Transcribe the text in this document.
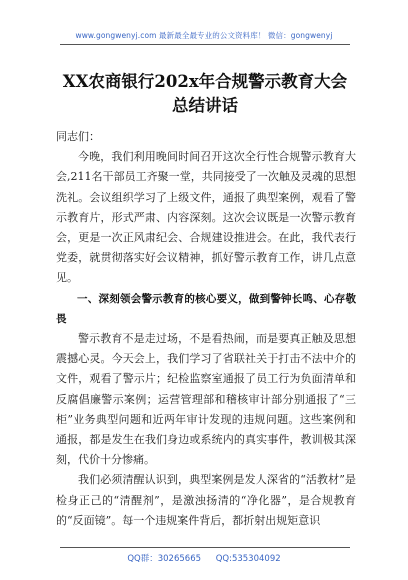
www.gongwenyj.com 最新最全最专业的公文资料库！ 微信：gongwenyj
XX农商银行202x年合规警示教育大会总结讲话

同志们：

今晚，我们利用晚间时间召开这次全行性合规警示教育大会,211名干部员工齐聚一堂，共同接受了一次触及灵魂的思想洗礼。会议组织学习了上级文件，通报了典型案例，观看了警示教育片，形式严肃、内容深刻。这次会议既是一次警示教育会，更是一次正风肃纪会、合规建设推进会。在此，我代表行党委，就贯彻落实好会议精神，抓好警示教育工作，讲几点意见。

一、深刻领会警示教育的核心要义，做到警钟长鸣、心存敬畏

警示教育不是走过场，不是看热闹，而是要真正触及思想震撼心灵。今天会上，我们学习了省联社关于打击不法中介的文件，观看了警示片；纪检监察室通报了员工行为负面清单和反腐倡廉警示案例；运营管理部和稽核审计部分别通报了“三柜”业务典型问题和近两年审计发现的违规问题。这些案例和通报，都是发生在我们身边或系统内的真实事件，教训极其深刻，代价十分惨痛。

我们必须清醒认识到，典型案例是发人深省的“活教材”是检身正己的“清醒剂”，是激浊扬清的“净化器”，是合规教育的“反面镜”。每一个违规案件背后，都折射出规矩意识

QQ群：30265665 QQ:535304092
